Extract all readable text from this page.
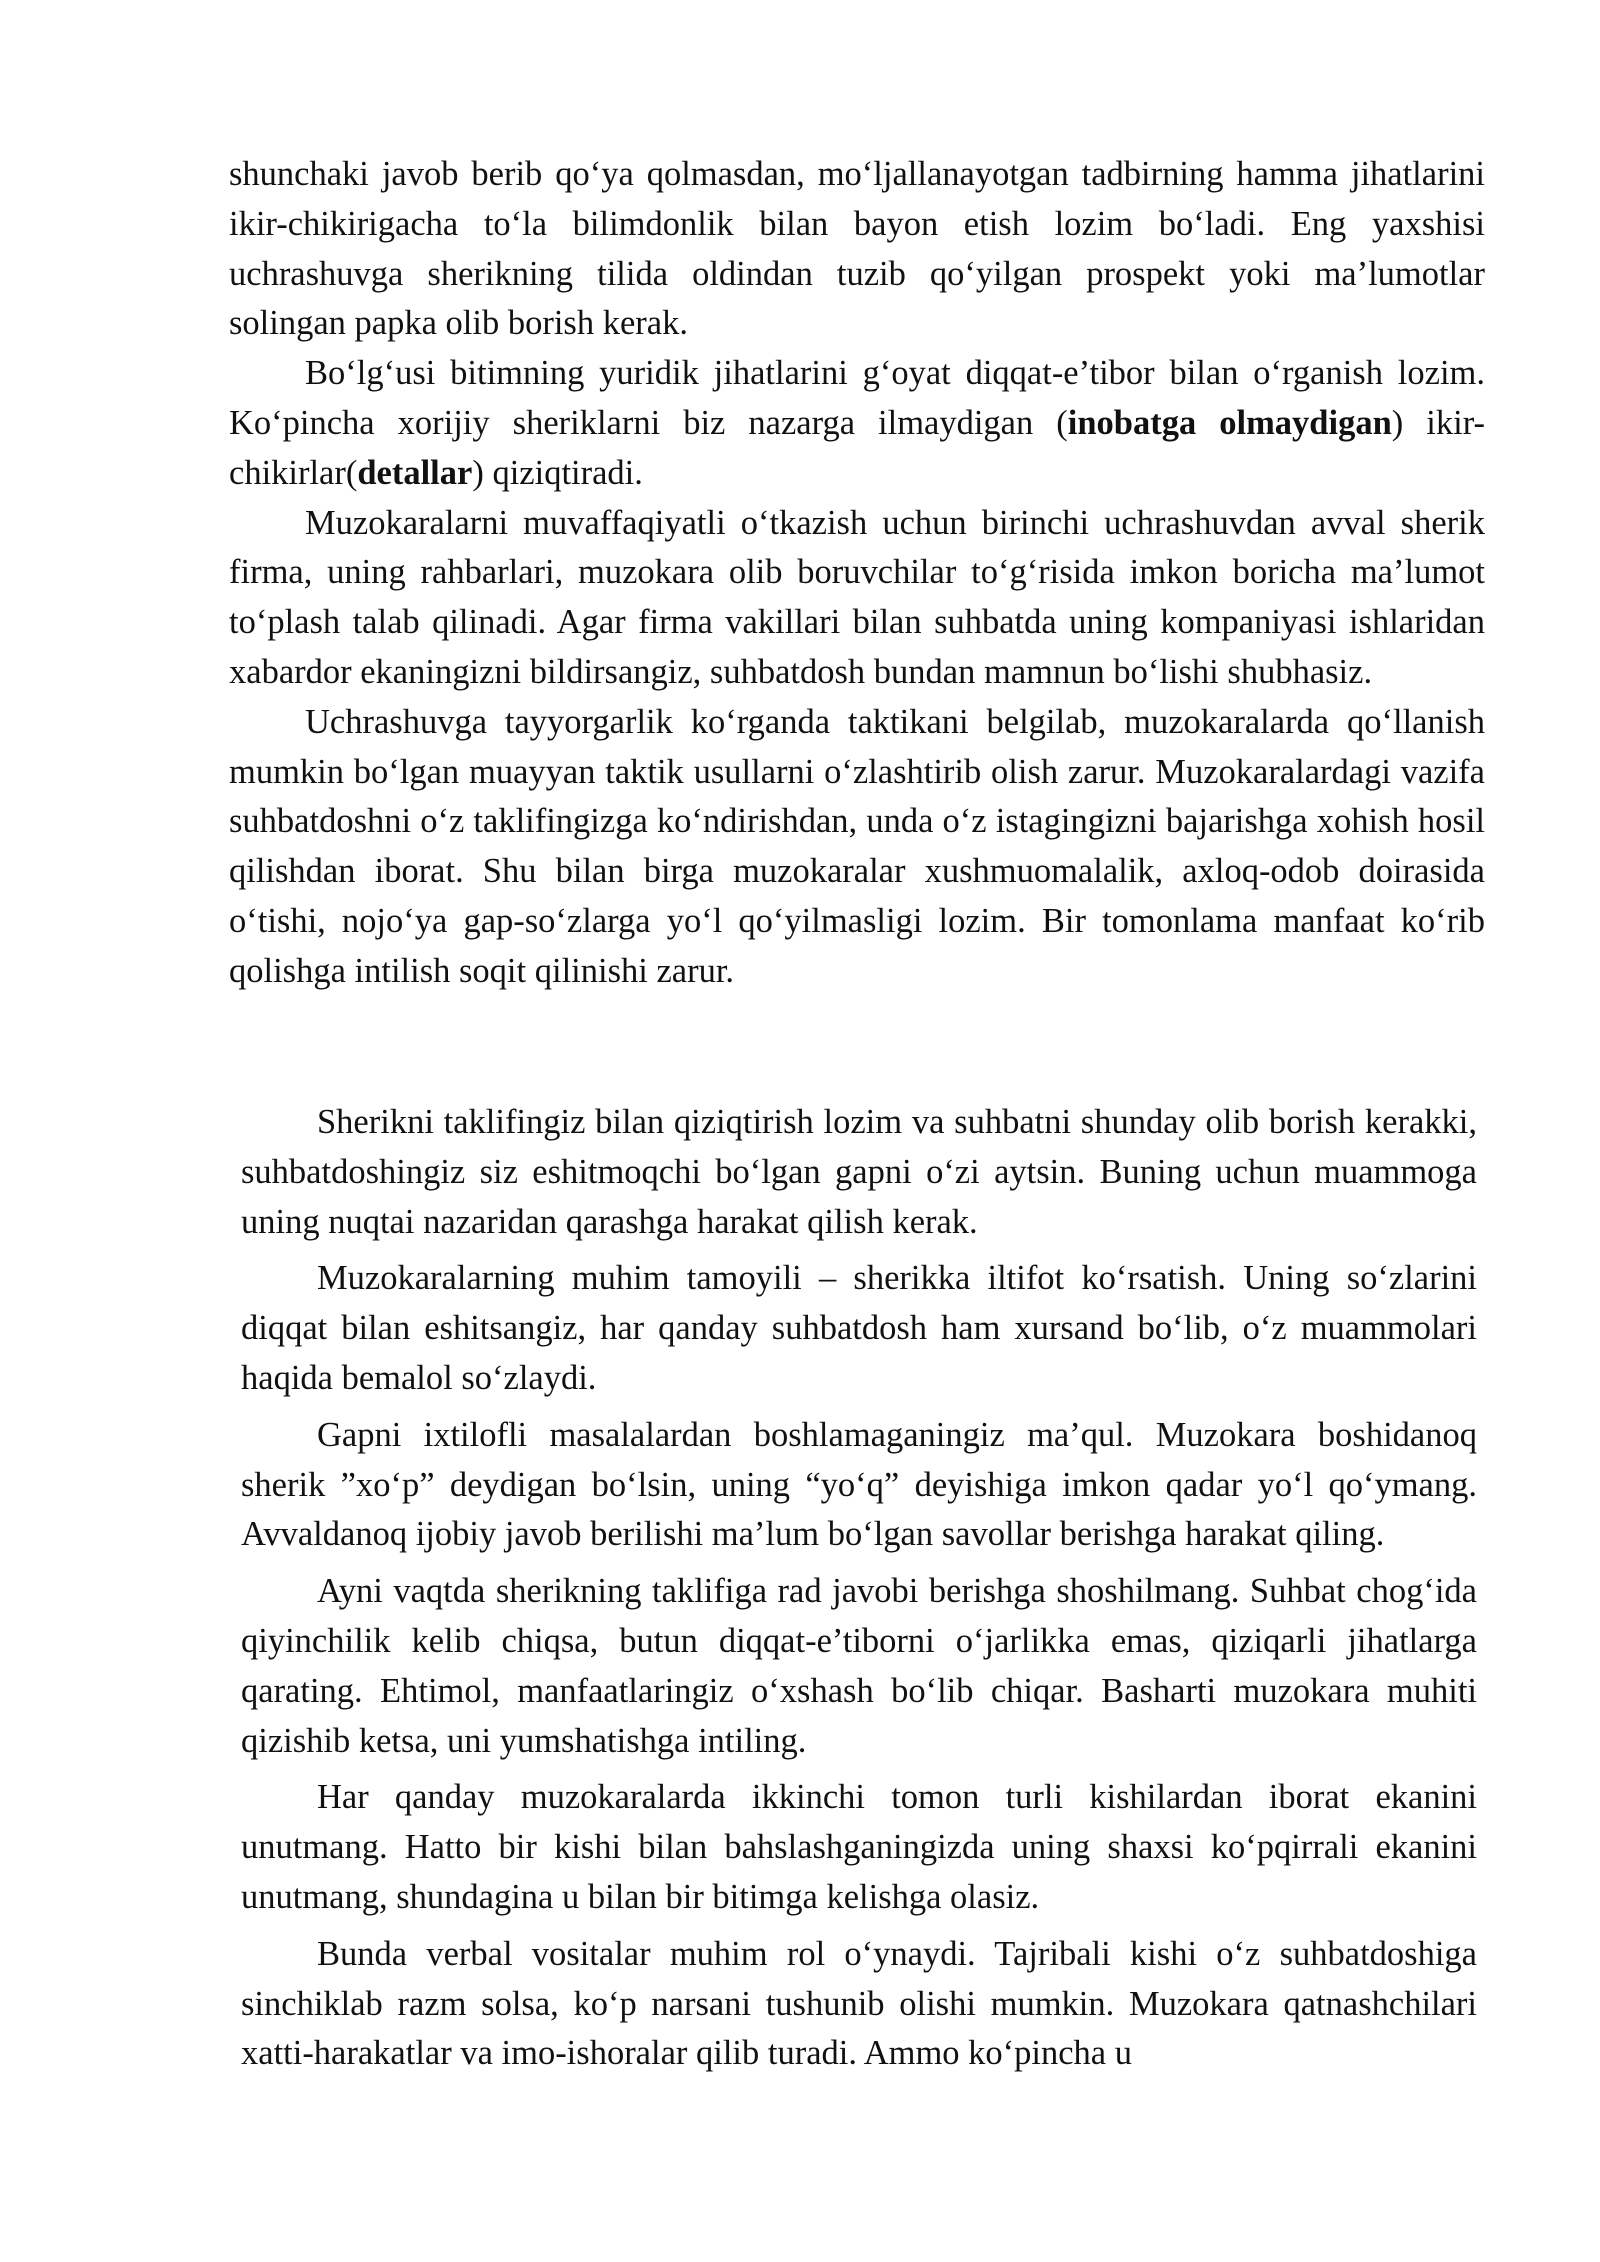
shunchaki javob berib qo‘ya qolmasdan, mo‘ljallanayotgan tadbirning hamma jihatlarini ikir-chikirigacha to‘la bilimdonlik bilan bayon etish lozim bo‘ladi. Eng yaxshisi uchrashuvga sherikning tilida oldindan tuzib qo‘yilgan prospekt yoki ma’lumotlar solingan papka olib borish kerak.

Bo‘lg‘usi bitimning yuridik jihatlarini g‘oyat diqqat-e’tibor bilan o‘rganish lozim. Ko‘pincha xorijiy sheriklarni biz nazarga ilmaydigan (inobatga olmaydigan) ikir-chikirlar(detallar) qiziqtiradi.

Muzokaralarni muvaffaqiyatli o‘tkazish uchun birinchi uchrashuvdan avval sherik firma, uning rahbarlari, muzokara olib boruvchilar to‘g‘risida imkon boricha ma’lumot to‘plash talab qilinadi. Agar firma vakillari bilan suhbatda uning kompaniyasi ishlaridan xabardor ekaningizni bildirsangiz, suhbatdosh bundan mamnun bo‘lishi shubhasiz.

Uchrashuvga tayyorgarlik ko‘rganda taktikani belgilab, muzokaralarda qo‘llanish mumkin bo‘lgan muayyan taktik usullarni o‘zlashtirib olish zarur. Muzokaralardagi vazifa suhbatdoshni o‘z taklifingizga ko‘ndirishdan, unda o‘z istagingizni bajarishga xohish hosil qilishdan iborat. Shu bilan birga muzokaralar xushmuomalalik, axloq-odob doirasida o‘tishi, nojo‘ya gap-so‘zlarga yo‘l qo‘yilmasligi lozim. Bir tomonlama manfaat ko‘rib qolishga intilish soqit qilinishi zarur.

Sherikni taklifingiz bilan qiziqtirish lozim va suhbatni shunday olib borish kerakki, suhbatdoshingiz siz eshitmoqchi bo‘lgan gapni o‘zi aytsin. Buning uchun muammoga uning nuqtai nazaridan qarashga harakat qilish kerak.

Muzokaralarning muhim tamoyili – sherikka iltifot ko‘rsatish. Uning so‘zlarini diqqat bilan eshitsangiz, har qanday suhbatdosh ham xursand bo‘lib, o‘z muammolari haqida bemalol so‘zlaydi.

Gapni ixtilofli masalalardan boshlamaganingiz ma’qul. Muzokara boshidanoq sherik ”xo‘p” deydigan bo‘lsin, uning “yo‘q” deyishiga imkon qadar yo‘l qo‘ymang. Avvaldanoq ijobiy javob berilishi ma’lum bo‘lgan savollar berishga harakat qiling.

Ayni vaqtda sherikning taklifiga rad javobi berishga shoshilmang. Suhbat chog‘ida qiyinchilik kelib chiqsa, butun diqqat-e’tiborni o‘jarlikka emas, qiziqarli jihatlarga qarating. Ehtimol, manfaatlaringiz o‘xshash bo‘lib chiqar. Basharti muzokara muhiti qizishib ketsa, uni yumshatishga intiling.

Har qanday muzokaralarda ikkinchi tomon turli kishilardan iborat ekanini unutmang. Hatto bir kishi bilan bahslashganingizda uning shaxsi ko‘pqirrali ekanini unutmang, shundagina u bilan bir bitimga kelishga olasiz.

Bunda verbal vositalar muhim rol o‘ynaydi. Tajribali kishi o‘z suhbatdoshiga sinchiklab razm solsa, ko‘p narsani tushunib olishi mumkin. Muzokara qatnashchilari xatti-harakatlar va imo-ishoralar qilib turadi. Ammo ko‘pincha u
